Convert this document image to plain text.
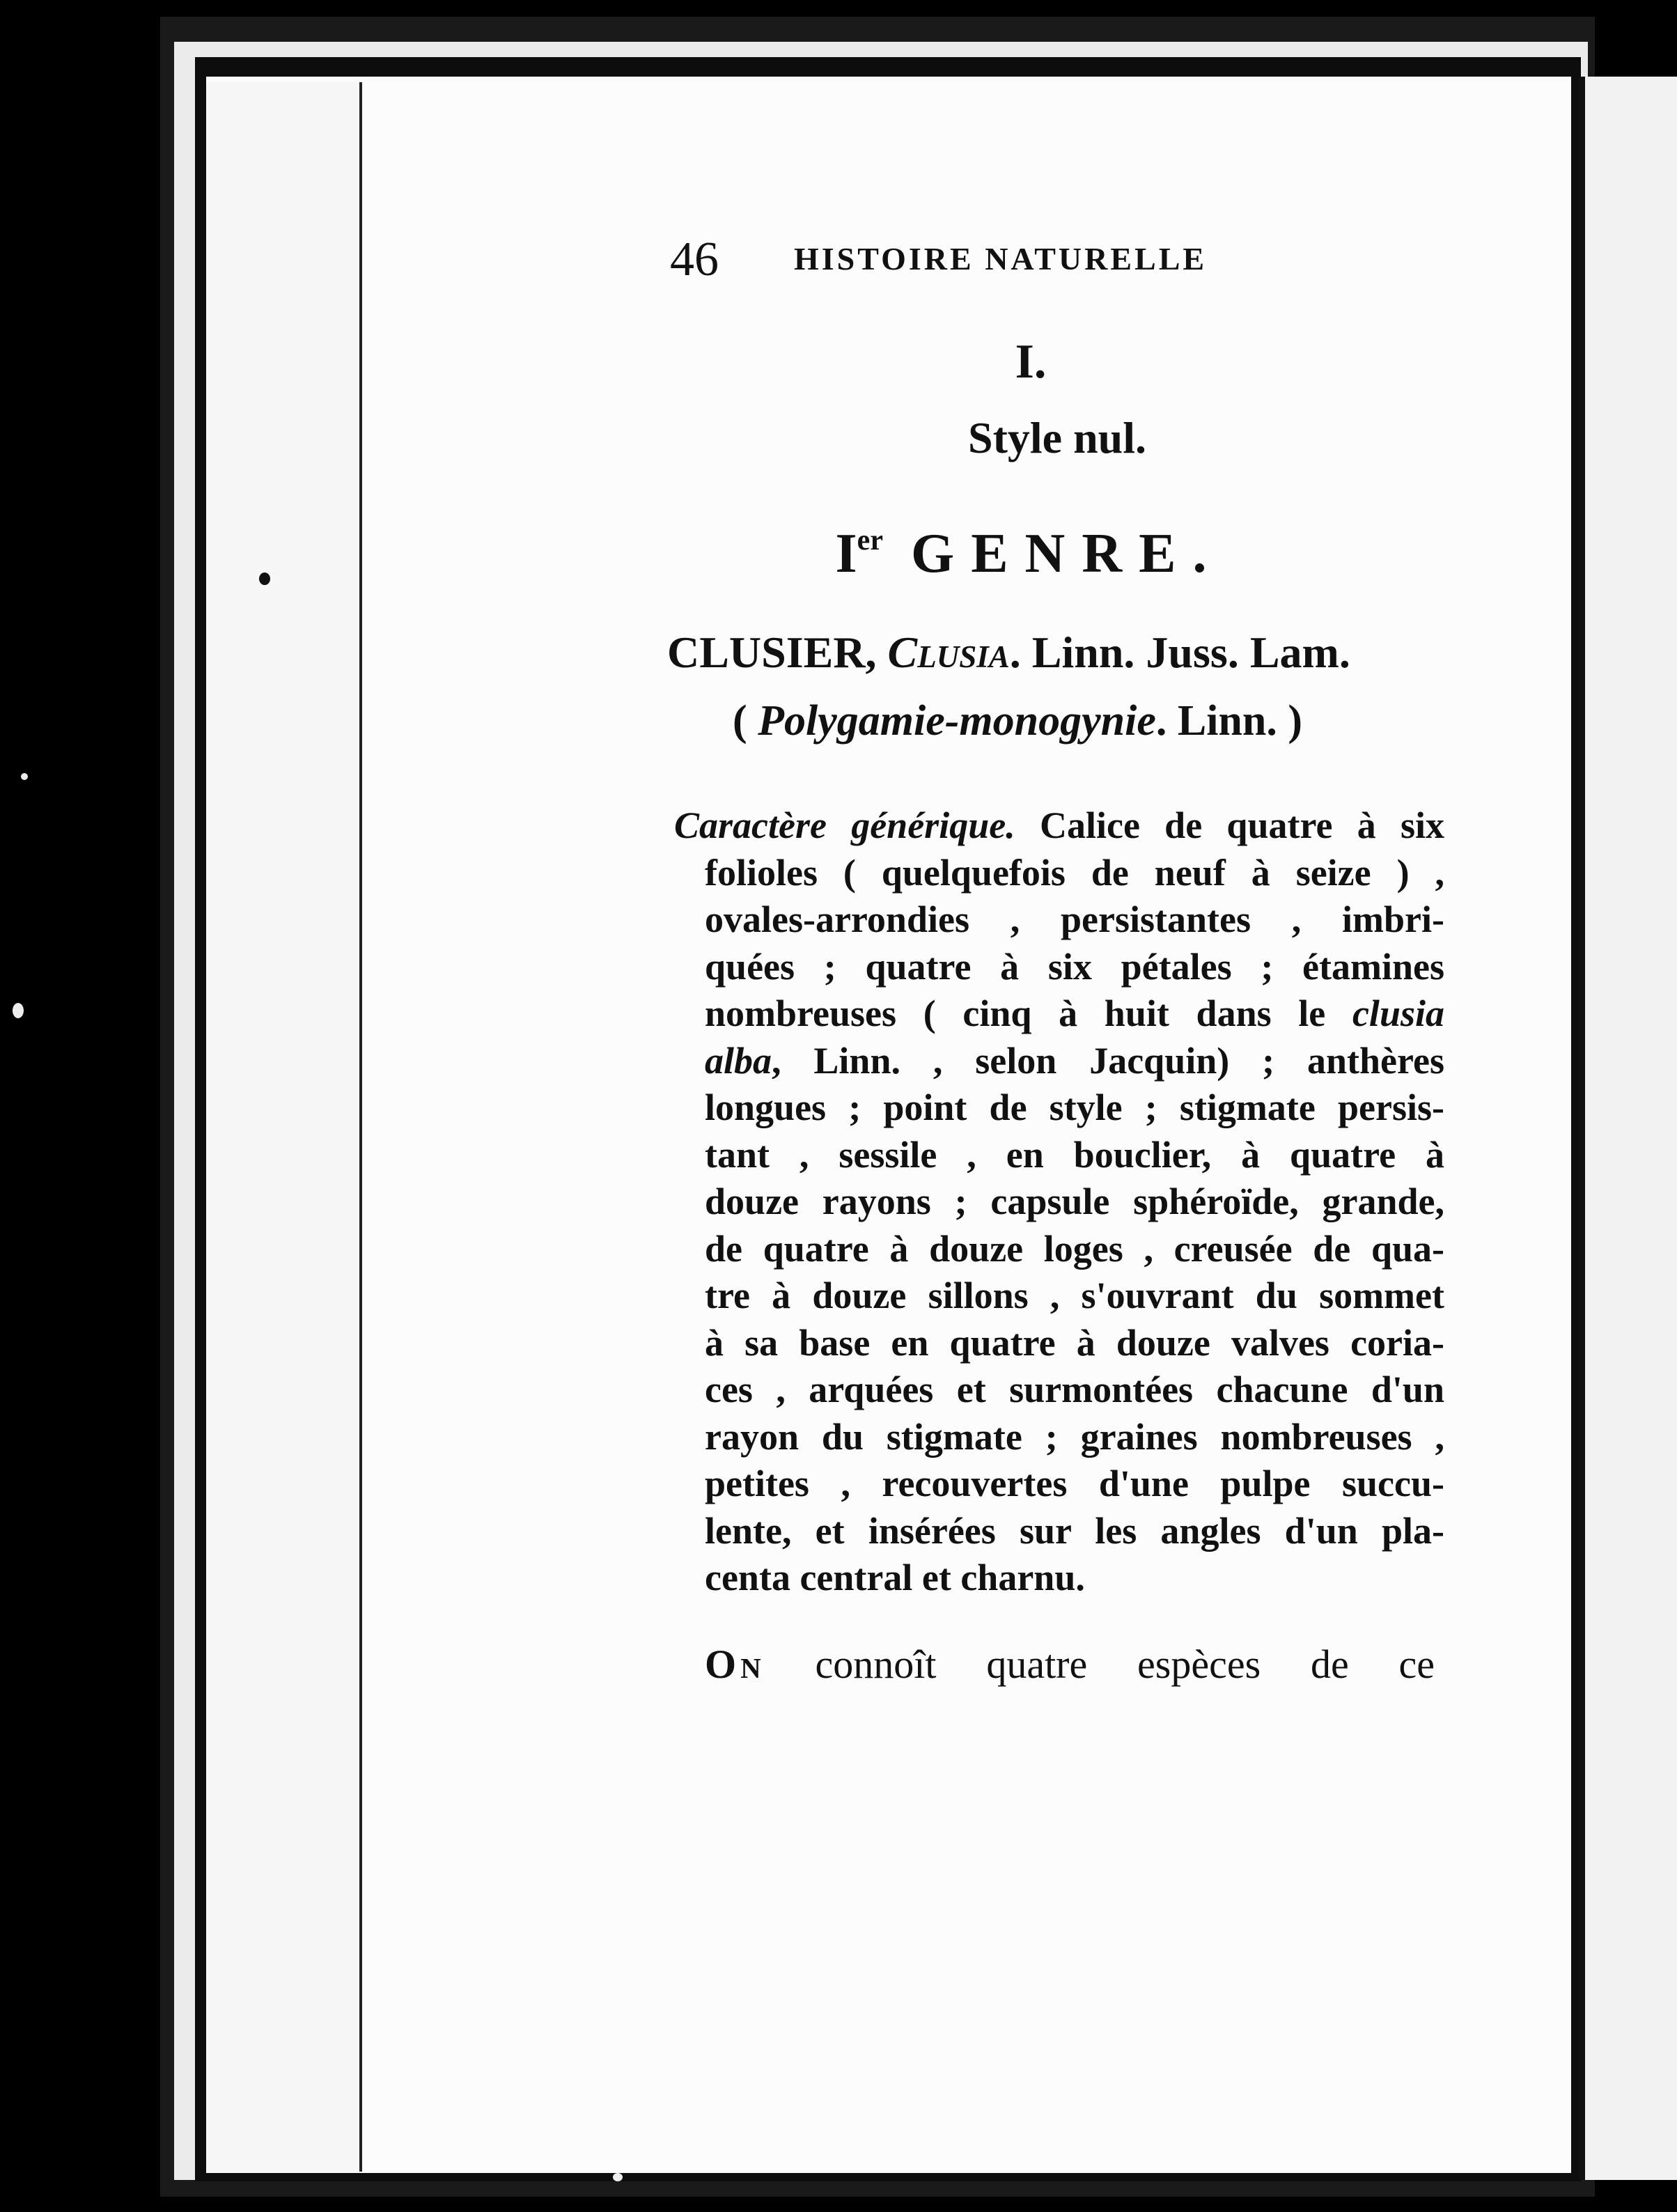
46 HISTOIRE NATURELLE
I.
Style nul.
Ier GENRE.
CLUSIER, Clusia. Linn. Juss. Lam.
( Polygamie-monogynie. Linn. )
Caractère générique. Calice de quatre à six
folioles ( quelquefois de neuf à seize ) ,
ovales-arrondies , persistantes , imbri-
quées ; quatre à six pétales ; étamines
nombreuses ( cinq à huit dans le clusia
alba, Linn. , selon Jacquin) ; anthères
longues ; point de style ; stigmate persis-
tant , sessile , en bouclier, à quatre à
douze rayons ; capsule sphéroïde, grande,
de quatre à douze loges , creusée de qua-
tre à douze sillons , s'ouvrant du sommet
à sa base en quatre à douze valves coria-
ces , arquées et surmontées chacune d'un
rayon du stigmate ; graines nombreuses ,
petites , recouvertes d'une pulpe succu-
lente, et insérées sur les angles d'un pla-
centa central et charnu.
On connoît quatre espèces de ce
